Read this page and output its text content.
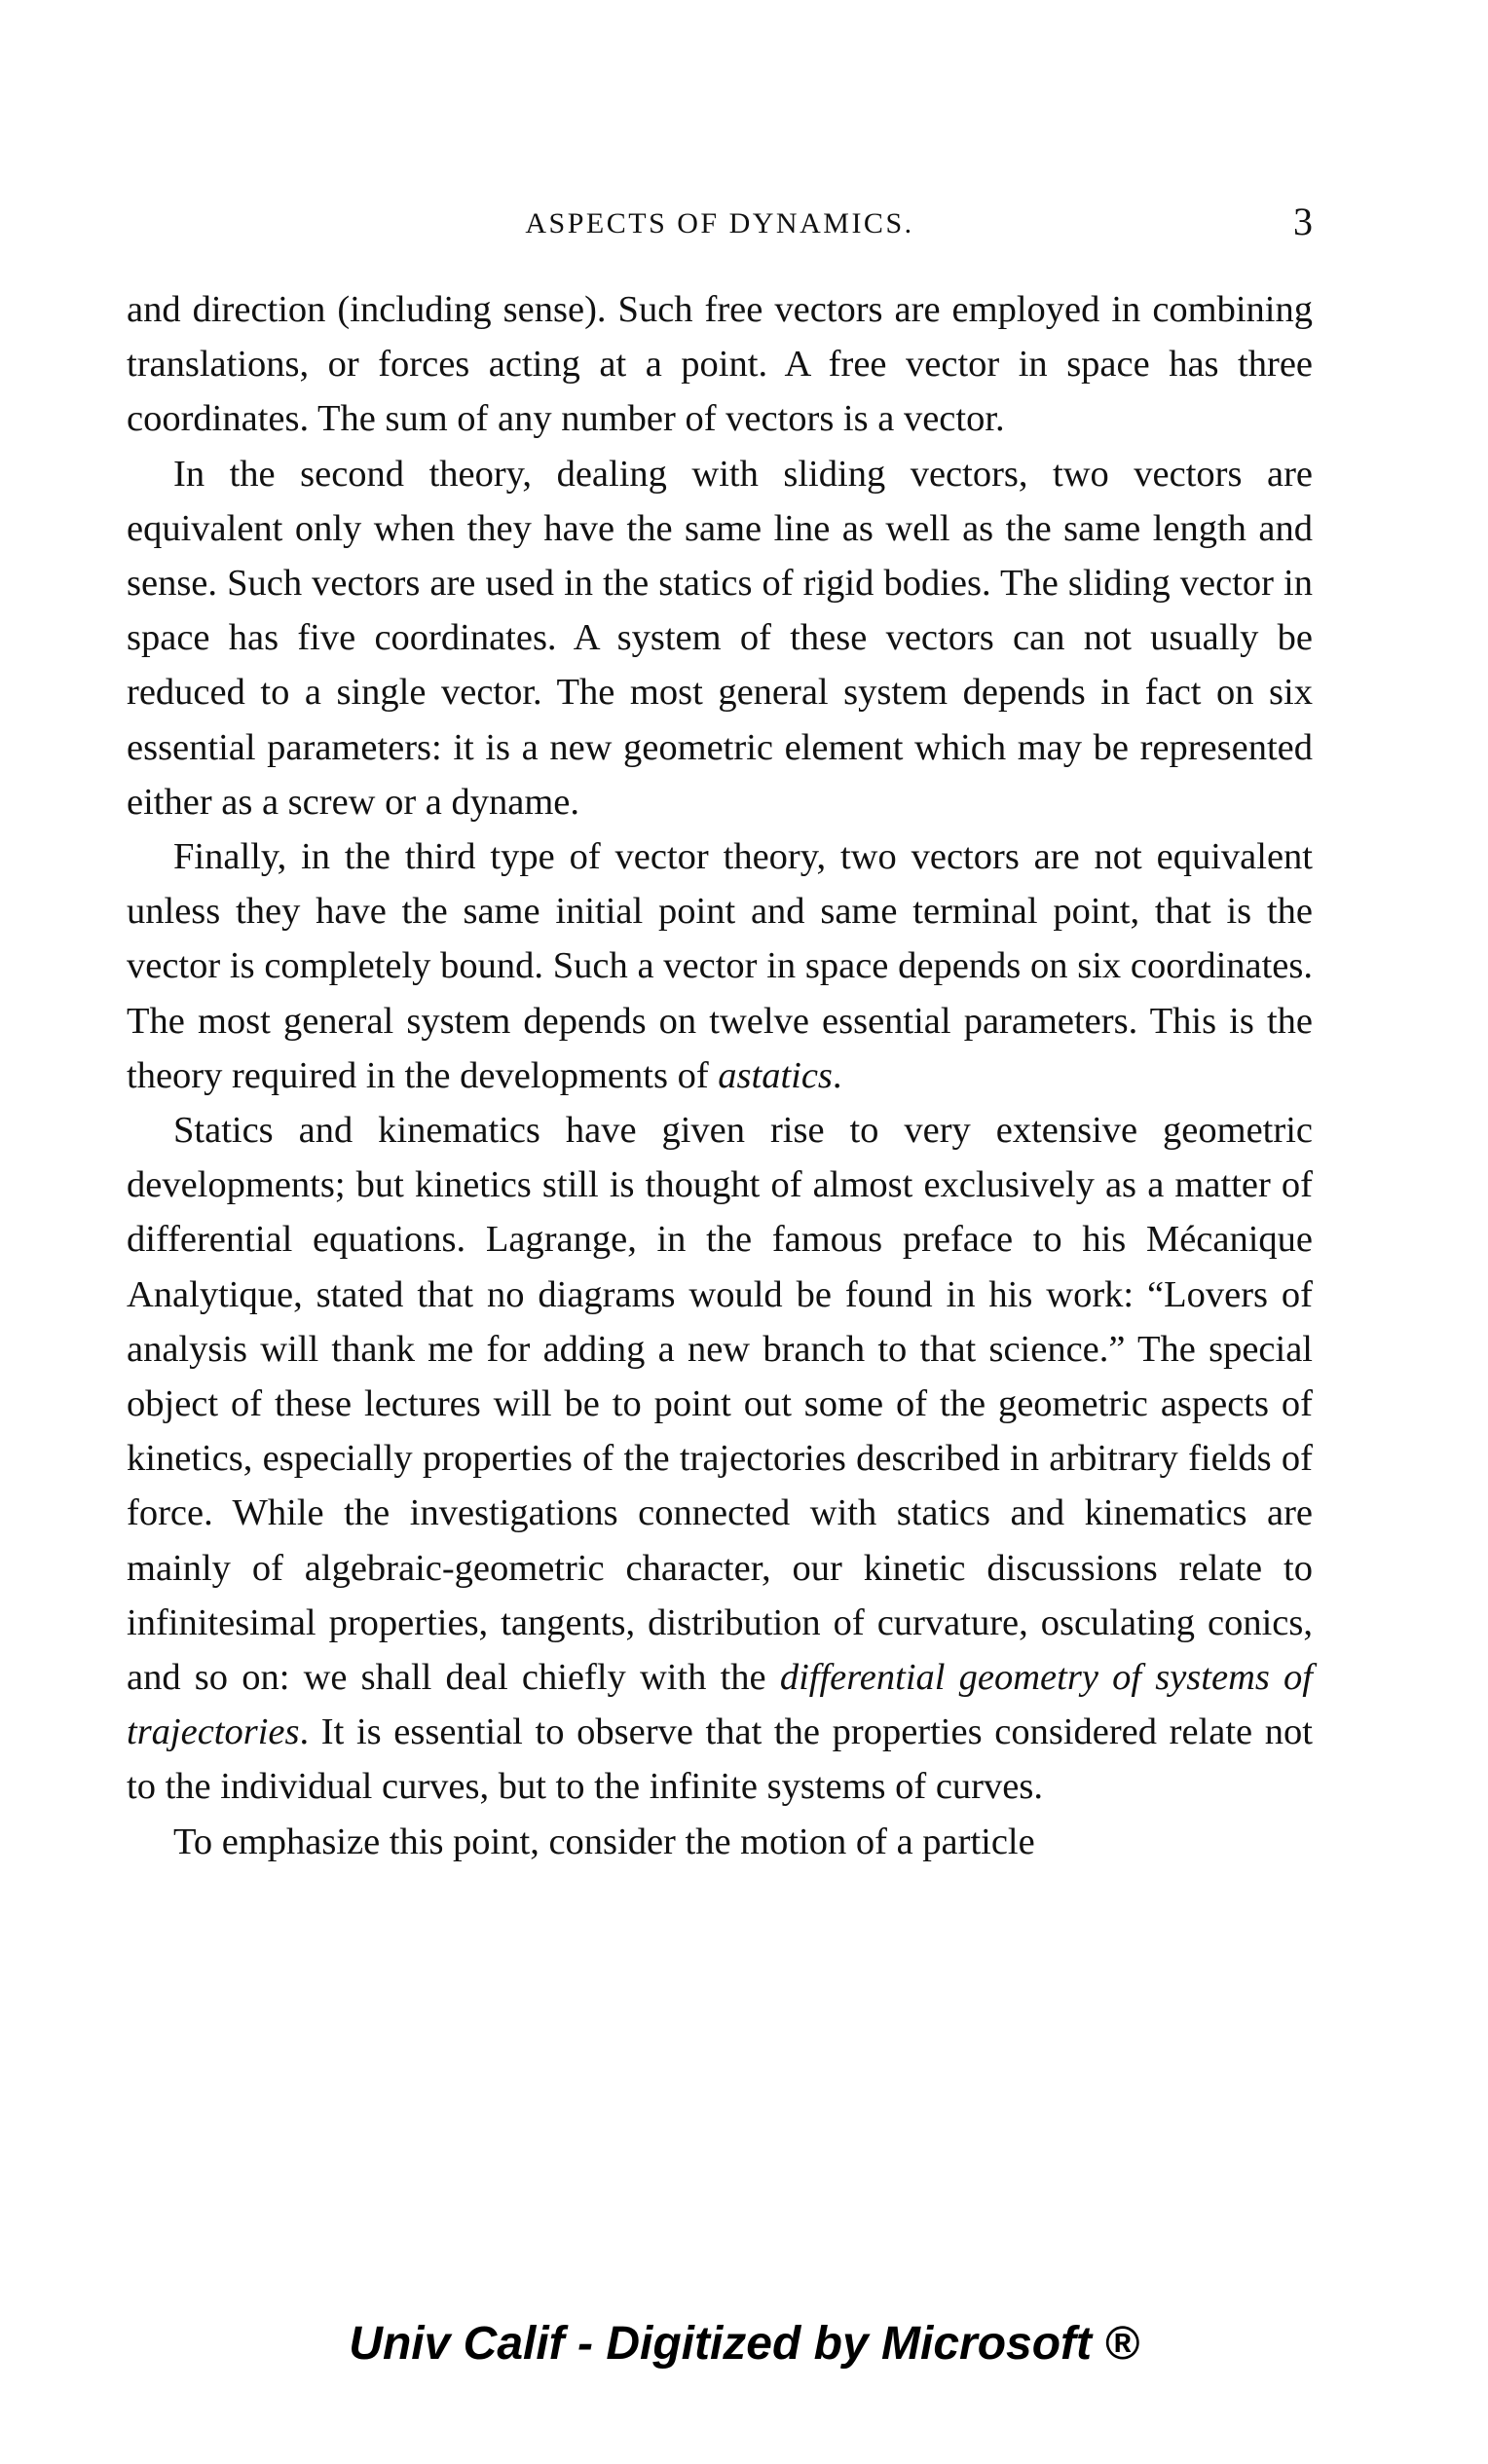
ASPECTS OF DYNAMICS.	3

and direction (including sense). Such free vectors are employed in combining translations, or forces acting at a point. A free vector in space has three coordinates. The sum of any number of vectors is a vector.

In the second theory, dealing with sliding vectors, two vectors are equivalent only when they have the same line as well as the same length and sense. Such vectors are used in the statics of rigid bodies. The sliding vector in space has five coordinates. A system of these vectors can not usually be reduced to a single vector. The most general system depends in fact on six essential parameters: it is a new geometric element which may be represented either as a screw or a dyname.

Finally, in the third type of vector theory, two vectors are not equivalent unless they have the same initial point and same terminal point, that is the vector is completely bound. Such a vector in space depends on six coordinates. The most general system depends on twelve essential parameters. This is the theory required in the developments of astatics.

Statics and kinematics have given rise to very extensive geometric developments; but kinetics still is thought of almost exclusively as a matter of differential equations. Lagrange, in the famous preface to his Mécanique Analytique, stated that no diagrams would be found in his work: “Lovers of analysis will thank me for adding a new branch to that science.” The special object of these lectures will be to point out some of the geometric aspects of kinetics, especially properties of the trajectories described in arbitrary fields of force. While the investigations connected with statics and kinematics are mainly of algebraic-geometric character, our kinetic discussions relate to infinitesimal properties, tangents, distribution of curvature, osculating conics, and so on: we shall deal chiefly with the differential geometry of systems of trajectories. It is essential to observe that the properties considered relate not to the individual curves, but to the infinite systems of curves.

To emphasize this point, consider the motion of a particle

Univ Calif - Digitized by Microsoft ®
